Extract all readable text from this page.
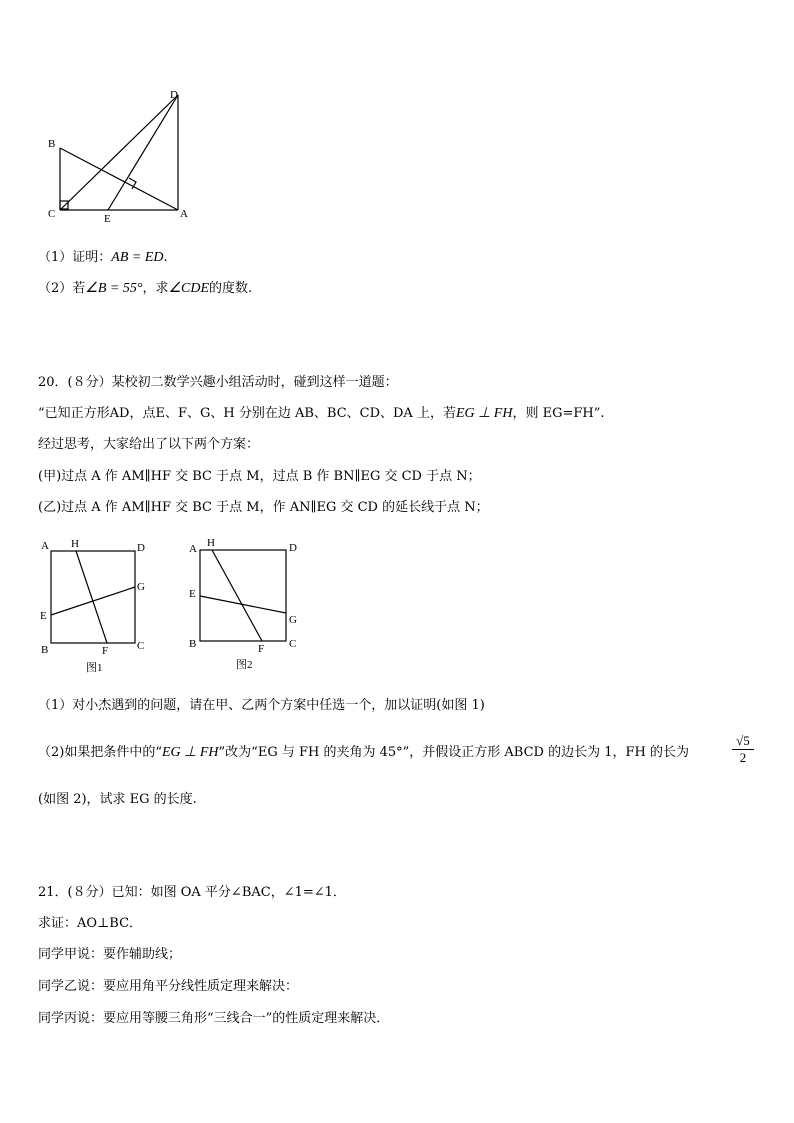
B
C	E	A
D
（1）证明：AB = ED.
（2）若∠B = 55°，求∠CDE的度数.
20．(８分）某校初二数学兴趣小组活动时，碰到这样一道题：
“已知正方形AD，点E、F、G、H 分别在边 AB、BC、CD、DA 上，若EG ⊥ FH，则 EG=FH”.
经过思考，大家给出了以下两个方案：
(甲)过点 A 作 AM∥HF 交 BC 于点 M，过点 B 作 BN∥EG 交 CD 于点 N；
(乙)过点 A 作 AM∥HF 交 BC 于点 M，作 AN∥EG 交 CD 的延长线于点 N；
A H	D
G
E
B	F	C
图1
A H	D
E
G
B	F C
图2
（1）对小杰遇到的问题，请在甲、乙两个方案中任选一个，加以证明(如图 1)
（2)如果把条件中的“EG ⊥ FH”改为“EG 与 FH 的夹角为 45°”，并假设正方形 ABCD 的边长为 1，FH 的长为	$\frac{√5}{2}$
(如图 2)，试求 EG 的长度.
21．(８分）已知：如图 OA 平分∠BAC，∠1=∠1．
求证：AO⊥BC．
同学甲说：要作辅助线；
同学乙说：要应用角平分线性质定理来解决：
同学丙说：要应用等腰三角形“三线合一”的性质定理来解决．
